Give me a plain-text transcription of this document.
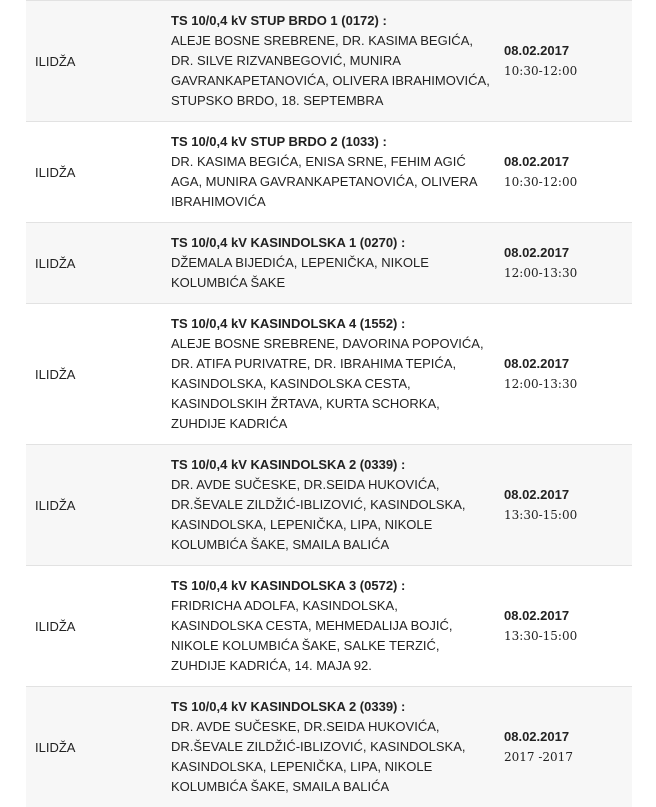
ILIDŽA	TS 10/0,4 kV STUP BRDO 1 (0172) :
ALEJE BOSNE SREBRENE, DR. KASIMA BEGIĆA, DR. SILVE RIZVANBEGOVIĆ, MUNIRA GAVRANKAPETANOVIĆA, OLIVERA IBRAHIMOVIĆA, STUPSKO BRDO, 18. SEPTEMBRA	08.02.2017
10:30-12:00

ILIDŽA	TS 10/0,4 kV STUP BRDO 2 (1033) :
DR. KASIMA BEGIĆA, ENISA SRNE, FEHIM AGIĆ AGA, MUNIRA GAVRANKAPETANOVIĆA, OLIVERA IBRAHIMOVIĆA	08.02.2017
10:30-12:00

ILIDŽA	TS 10/0,4 kV KASINDOLSKA 1 (0270) :
DŽEMALA BIJEDIĆA, LEPENIČKA, NIKOLE KOLUMBIĆA ŠAKE	08.02.2017
12:00-13:30

ILIDŽA	TS 10/0,4 kV KASINDOLSKA 4 (1552) :
ALEJE BOSNE SREBRENE, DAVORINA POPOVIĆA, DR. ATIFA PURIVATRE, DR. IBRAHIMA TEPIĆA, KASINDOLSKA, KASINDOLSKA CESTA, KASINDOLSKIH ŽRTAVA, KURTA SCHORKA, ZUHDIJE KADRIĆA	08.02.2017
12:00-13:30

ILIDŽA	TS 10/0,4 kV KASINDOLSKA 2 (0339) :
DR. AVDE SUČESKE, DR.SEIDA HUKOVIĆA, DR.ŠEVALE ZILDŽIĆ-IBLIZOVIĆ, KASINDOLSKA, KASINDOLSKA, LEPENIČKA, LIPA, NIKOLE KOLUMBIĆA ŠAKE, SMAILA BALIĆA	08.02.2017
13:30-15:00

ILIDŽA	TS 10/0,4 kV KASINDOLSKA 3 (0572) :
FRIDRICHA ADOLFA, KASINDOLSKA, KASINDOLSKA CESTA, MEHMEDALIJA BOJIĆ, NIKOLE KOLUMBIĆA ŠAKE, SALKE TERZIĆ, ZUHDIJE KADRIĆA, 14. MAJA 92.	08.02.2017
13:30-15:00

ILIDŽA	TS 10/0,4 kV KASINDOLSKA 2 (0339) :
DR. AVDE SUČESKE, DR.SEIDA HUKOVIĆA, DR.ŠEVALE ZILDŽIĆ-IBLIZOVIĆ, KASINDOLSKA, KASINDOLSKA, LEPENIČKA, LIPA, NIKOLE KOLUMBIĆA ŠAKE, SMAILA BALIĆA	08.02.2017
2017 -2017
